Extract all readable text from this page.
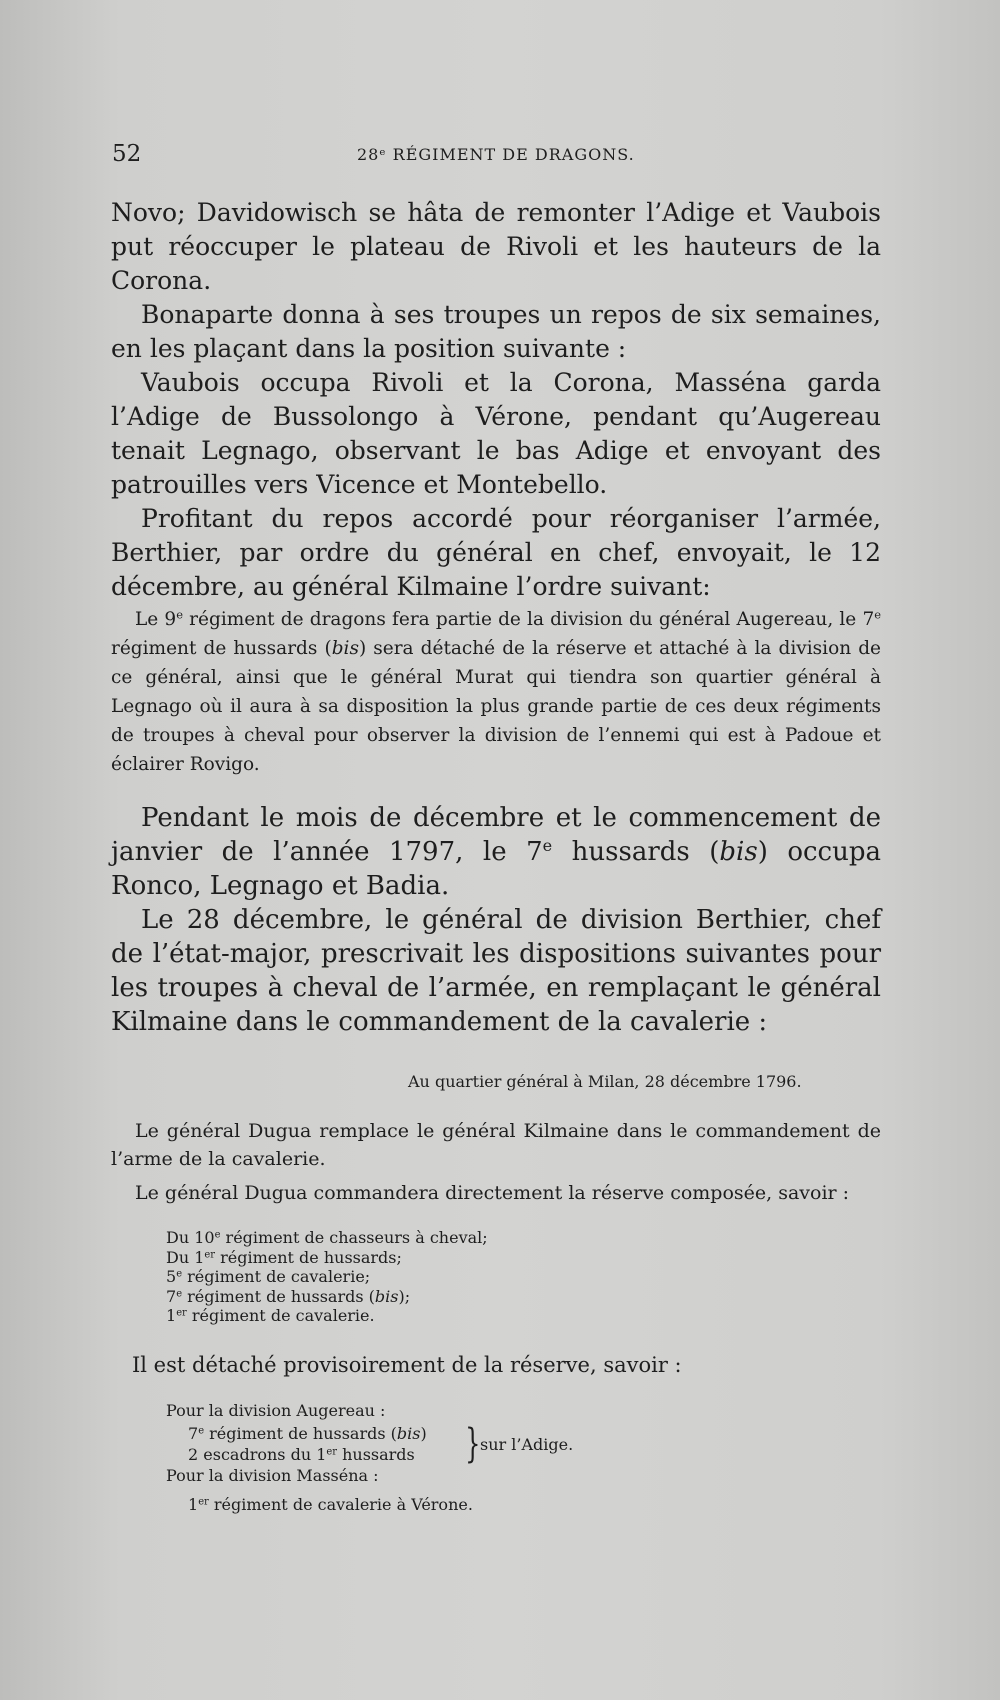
52	28ᵉ RÉGIMENT DE DRAGONS.

Novo; Davidowisch se hâta de remonter l’Adige et Vaubois put réoccuper le plateau de Rivoli et les hauteurs de la Corona.

Bonaparte donna à ses troupes un repos de six semaines, en les plaçant dans la position suivante :

Vaubois occupa Rivoli et la Corona, Masséna garda l’Adige de Bussolongo à Vérone, pendant qu’Augereau tenait Legnago, observant le bas Adige et envoyant des patrouilles vers Vicence et Montebello.

Profitant du repos accordé pour réorganiser l’armée, Berthier, par ordre du général en chef, envoyait, le 12 décembre, au général Kilmaine l’ordre suivant:

Le 9e régiment de dragons fera partie de la division du général Augereau, le 7e régiment de hussards (bis) sera détaché de la réserve et attaché à la division de ce général, ainsi que le général Murat qui tiendra son quartier général à Legnago où il aura à sa disposition la plus grande partie de ces deux régiments de troupes à cheval pour observer la division de l’ennemi qui est à Padoue et éclairer Rovigo.

Pendant le mois de décembre et le commencement de janvier de l’année 1797, le 7e hussards (bis) occupa Ronco, Legnago et Badia.

Le 28 décembre, le général de division Berthier, chef de l’état-major, prescrivait les dispositions suivantes pour les troupes à cheval de l’armée, en remplaçant le général Kilmaine dans le commandement de la cavalerie :

Au quartier général à Milan, 28 décembre 1796.

Le général Dugua remplace le général Kilmaine dans le commandement de l’arme de la cavalerie.

Le général Dugua commandera directement la réserve composée, savoir :

Du 10e régiment de chasseurs à cheval;
Du 1er régiment de hussards;
5e régiment de cavalerie;
7e régiment de hussards (bis);
1er régiment de cavalerie.
Il est détaché provisoirement de la réserve, savoir :
Pour la division Augereau :
7e régiment de hussards (bis)
2 escadrons du 1er hussards } sur l’Adige.
Pour la division Masséna :
1er régiment de cavalerie à Vérone.
